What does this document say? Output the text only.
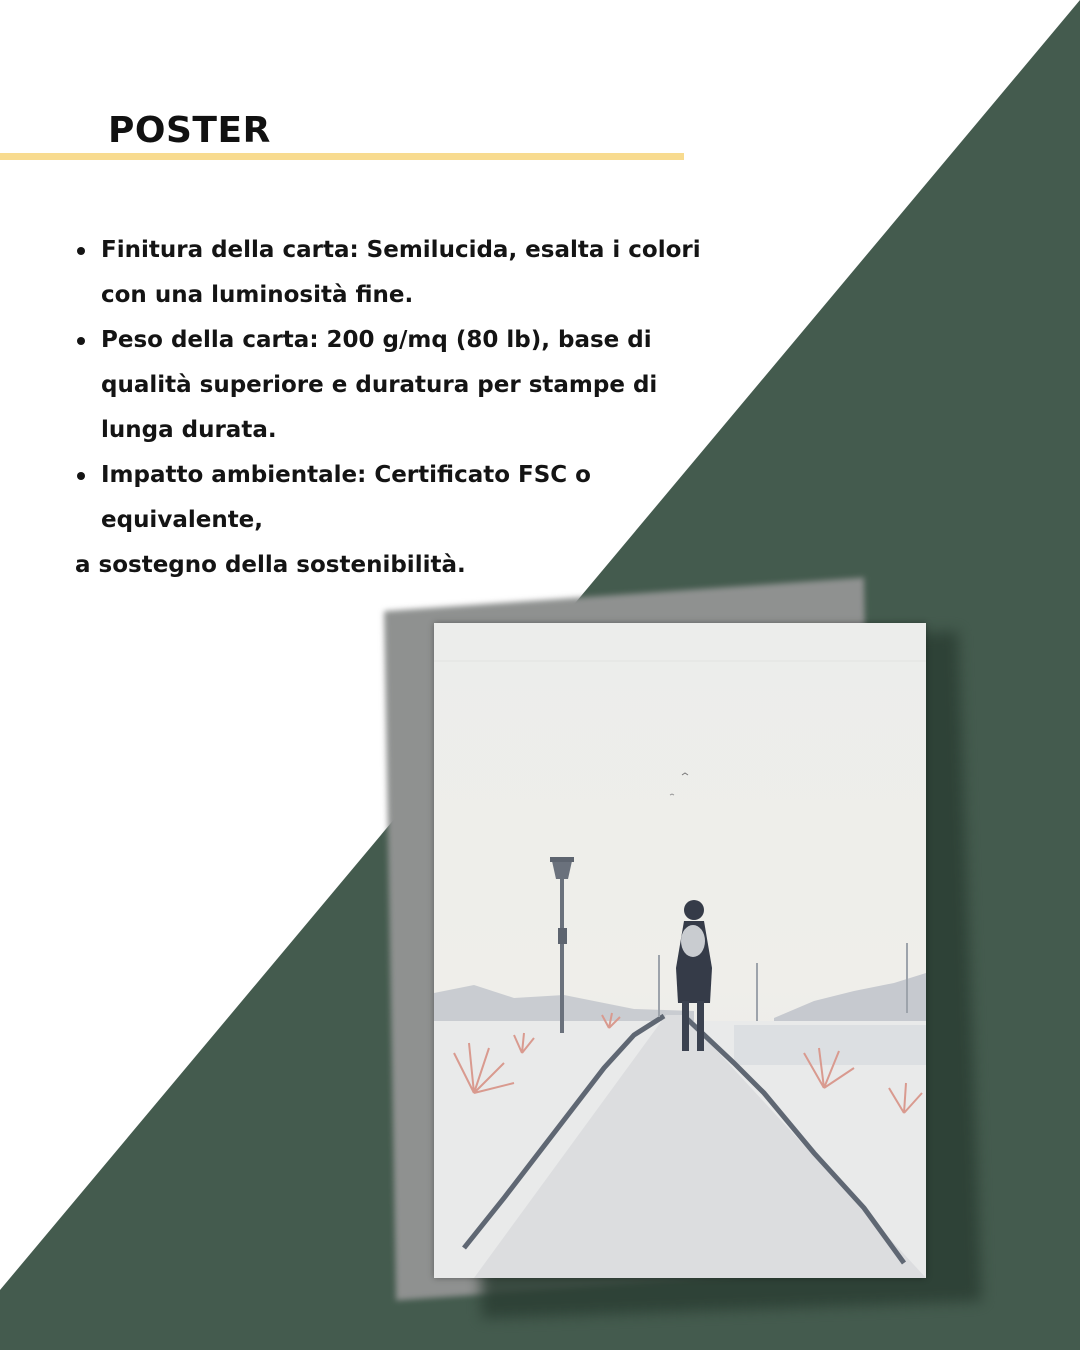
POSTER
Finitura della carta: Semilucida, esalta i colori con una luminosità fine.
Peso della carta: 200 g/mq (80 lb), base di qualità superiore e duratura per stampe di lunga durata.
Impatto ambientale: Certificato FSC o equivalente,
a sostegno della sostenibilità.
